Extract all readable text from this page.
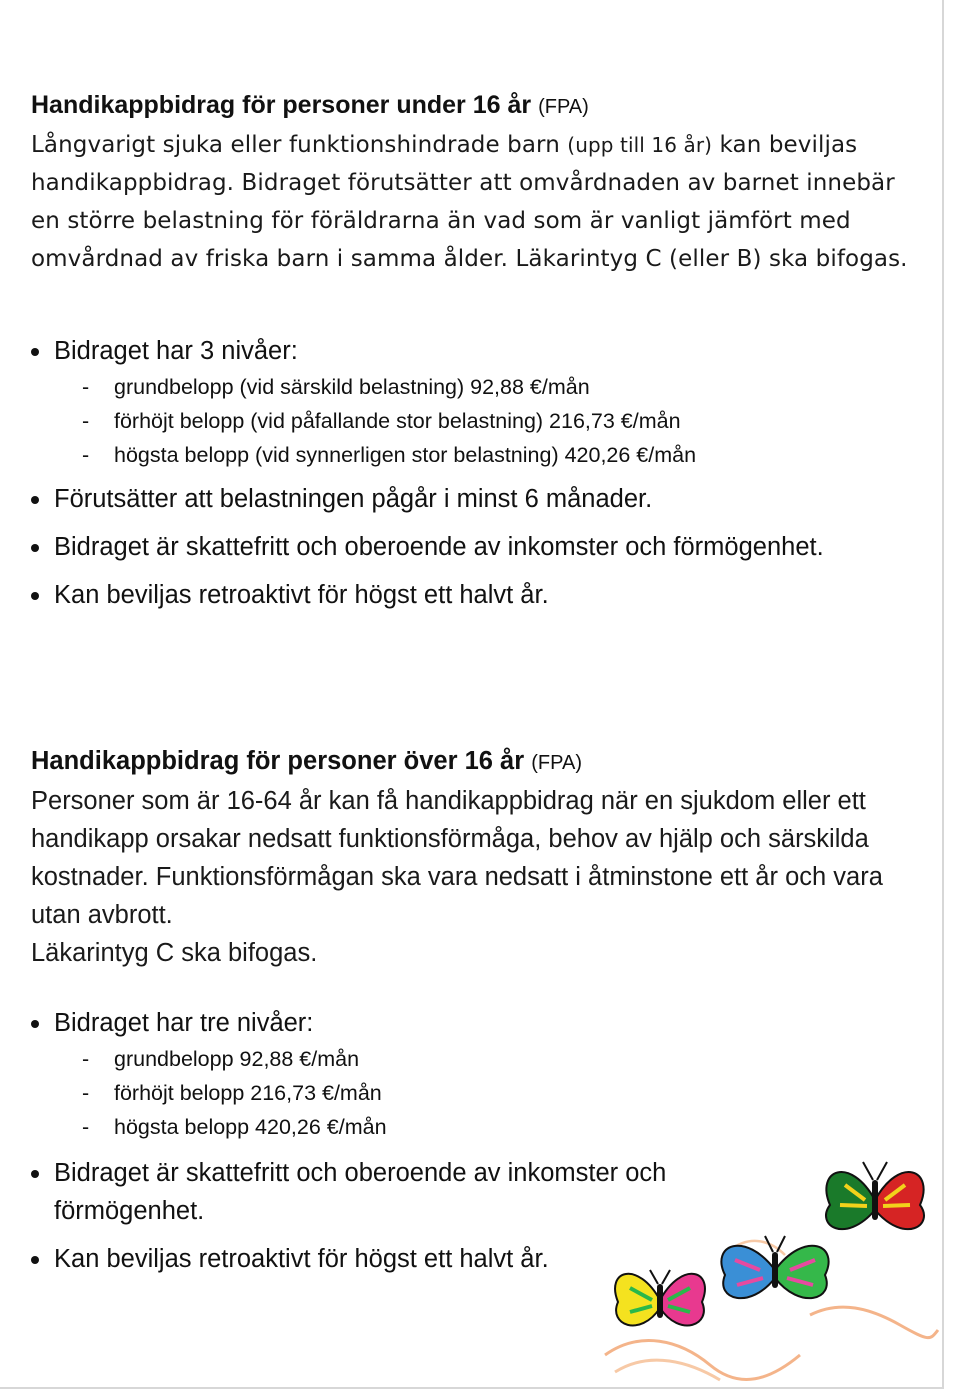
Handikappbidrag för personer under 16 år (FPA)
Långvarigt sjuka eller funktionshindrade barn (upp till 16 år) kan beviljas handikappbidrag. Bidraget förutsätter att omvårdnaden av barnet innebär en större belastning för föräldrarna än vad som är vanligt jämfört med omvårdnad av friska barn i samma ålder. Läkarintyg C (eller B) ska bifogas.
Bidraget har 3 nivåer:
- grundbelopp (vid särskild belastning) 92,88 €/mån
- förhöjt belopp (vid påfallande stor belastning) 216,73 €/mån
- högsta belopp (vid synnerligen stor belastning) 420,26 €/mån
Förutsätter att belastningen pågår i minst 6 månader.
Bidraget är skattefritt och oberoende av inkomster och förmögenhet.
Kan beviljas retroaktivt för högst ett halvt år.
Handikappbidrag för personer över 16 år (FPA)
Personer som är 16-64 år kan få handikappbidrag när en sjukdom eller ett handikapp orsakar nedsatt funktionsförmåga, behov av hjälp och särskilda kostnader. Funktionsförmågan ska vara nedsatt i åtminstone ett år och vara utan avbrott.
Läkarintyg C ska bifogas.
Bidraget har tre nivåer:
- grundbelopp 92,88 €/mån
- förhöjt belopp 216,73 €/mån
- högsta belopp 420,26 €/mån
Bidraget är skattefritt och oberoende av inkomster och förmögenhet.
Kan beviljas retroaktivt för högst ett halvt år.
